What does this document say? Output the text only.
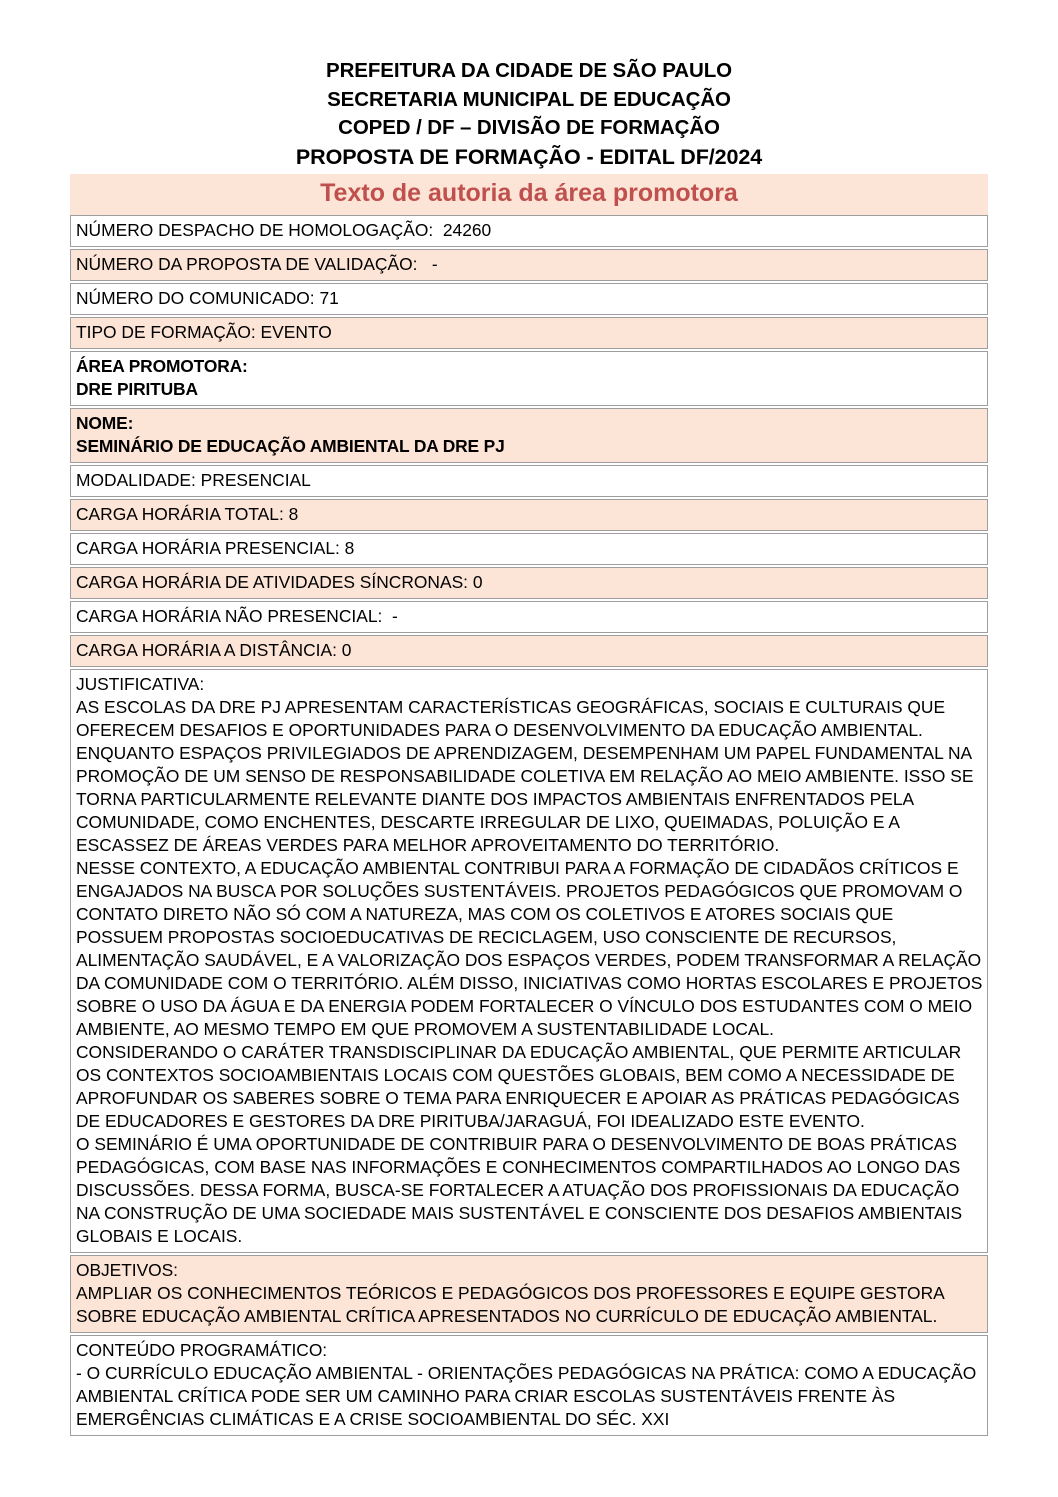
PREFEITURA DA CIDADE DE SÃO PAULO
SECRETARIA MUNICIPAL DE EDUCAÇÃO
COPED / DF – DIVISÃO DE FORMAÇÃO
PROPOSTA DE FORMAÇÃO - EDITAL DF/2024
Texto de autoria da área promotora
NÚMERO DESPACHO DE HOMOLOGAÇÃO:  24260

NÚMERO DA PROPOSTA DE VALIDAÇÃO:   -

NÚMERO DO COMUNICADO: 71

TIPO DE FORMAÇÃO: EVENTO

ÁREA PROMOTORA:
DRE PIRITUBA

NOME:
SEMINÁRIO DE EDUCAÇÃO AMBIENTAL DA DRE PJ

MODALIDADE: PRESENCIAL

CARGA HORÁRIA TOTAL: 8

CARGA HORÁRIA PRESENCIAL: 8

CARGA HORÁRIA DE ATIVIDADES SÍNCRONAS: 0

CARGA HORÁRIA NÃO PRESENCIAL:  -

CARGA HORÁRIA A DISTÂNCIA: 0

JUSTIFICATIVA:
AS ESCOLAS DA DRE PJ APRESENTAM CARACTERÍSTICAS GEOGRÁFICAS, SOCIAIS E CULTURAIS QUE OFERECEM DESAFIOS E OPORTUNIDADES PARA O DESENVOLVIMENTO DA EDUCAÇÃO AMBIENTAL. ENQUANTO ESPAÇOS PRIVILEGIADOS DE APRENDIZAGEM, DESEMPENHAM UM PAPEL FUNDAMENTAL NA PROMOÇÃO DE UM SENSO DE RESPONSABILIDADE COLETIVA EM RELAÇÃO AO MEIO AMBIENTE. ISSO SE TORNA PARTICULARMENTE RELEVANTE DIANTE DOS IMPACTOS AMBIENTAIS ENFRENTADOS PELA COMUNIDADE, COMO ENCHENTES, DESCARTE IRREGULAR DE LIXO, QUEIMADAS, POLUIÇÃO E A ESCASSEZ DE ÁREAS VERDES PARA MELHOR APROVEITAMENTO DO TERRITÓRIO.
NESSE CONTEXTO, A EDUCAÇÃO AMBIENTAL CONTRIBUI PARA A FORMAÇÃO DE CIDADÃOS CRÍTICOS E ENGAJADOS NA BUSCA POR SOLUÇÕES SUSTENTÁVEIS. PROJETOS PEDAGÓGICOS QUE PROMOVAM O CONTATO DIRETO NÃO SÓ COM A NATUREZA, MAS COM OS COLETIVOS E ATORES SOCIAIS QUE POSSUEM PROPOSTAS SOCIOEDUCATIVAS DE RECICLAGEM, USO CONSCIENTE DE RECURSOS, ALIMENTAÇÃO SAUDÁVEL, E A VALORIZAÇÃO DOS ESPAÇOS VERDES, PODEM TRANSFORMAR A RELAÇÃO DA COMUNIDADE COM O TERRITÓRIO. ALÉM DISSO, INICIATIVAS COMO HORTAS ESCOLARES E PROJETOS SOBRE O USO DA ÁGUA E DA ENERGIA PODEM FORTALECER O VÍNCULO DOS ESTUDANTES COM O MEIO AMBIENTE, AO MESMO TEMPO EM QUE PROMOVEM A SUSTENTABILIDADE LOCAL.
CONSIDERANDO O CARÁTER TRANSDISCIPLINAR DA EDUCAÇÃO AMBIENTAL, QUE PERMITE ARTICULAR OS CONTEXTOS SOCIOAMBIENTAIS LOCAIS COM QUESTÕES GLOBAIS, BEM COMO A NECESSIDADE DE APROFUNDAR OS SABERES SOBRE O TEMA PARA ENRIQUECER E APOIAR AS PRÁTICAS PEDAGÓGICAS DE EDUCADORES E GESTORES DA DRE PIRITUBA/JARAGUÁ, FOI IDEALIZADO ESTE EVENTO.
O SEMINÁRIO É UMA OPORTUNIDADE DE CONTRIBUIR PARA O DESENVOLVIMENTO DE BOAS PRÁTICAS PEDAGÓGICAS, COM BASE NAS INFORMAÇÕES E CONHECIMENTOS COMPARTILHADOS AO LONGO DAS DISCUSSÕES. DESSA FORMA, BUSCA-SE FORTALECER A ATUAÇÃO DOS PROFISSIONAIS DA EDUCAÇÃO NA CONSTRUÇÃO DE UMA SOCIEDADE MAIS SUSTENTÁVEL E CONSCIENTE DOS DESAFIOS AMBIENTAIS GLOBAIS E LOCAIS.

OBJETIVOS:
AMPLIAR OS CONHECIMENTOS TEÓRICOS E PEDAGÓGICOS DOS PROFESSORES E EQUIPE GESTORA SOBRE EDUCAÇÃO AMBIENTAL CRÍTICA APRESENTADOS NO CURRÍCULO DE EDUCAÇÃO AMBIENTAL.

CONTEÚDO PROGRAMÁTICO:
- O CURRÍCULO EDUCAÇÃO AMBIENTAL - ORIENTAÇÕES PEDAGÓGICAS NA PRÁTICA: COMO A EDUCAÇÃO AMBIENTAL CRÍTICA PODE SER UM CAMINHO PARA CRIAR ESCOLAS SUSTENTÁVEIS FRENTE ÀS EMERGÊNCIAS CLIMÁTICAS E A CRISE SOCIOAMBIENTAL DO SÉC. XXI
